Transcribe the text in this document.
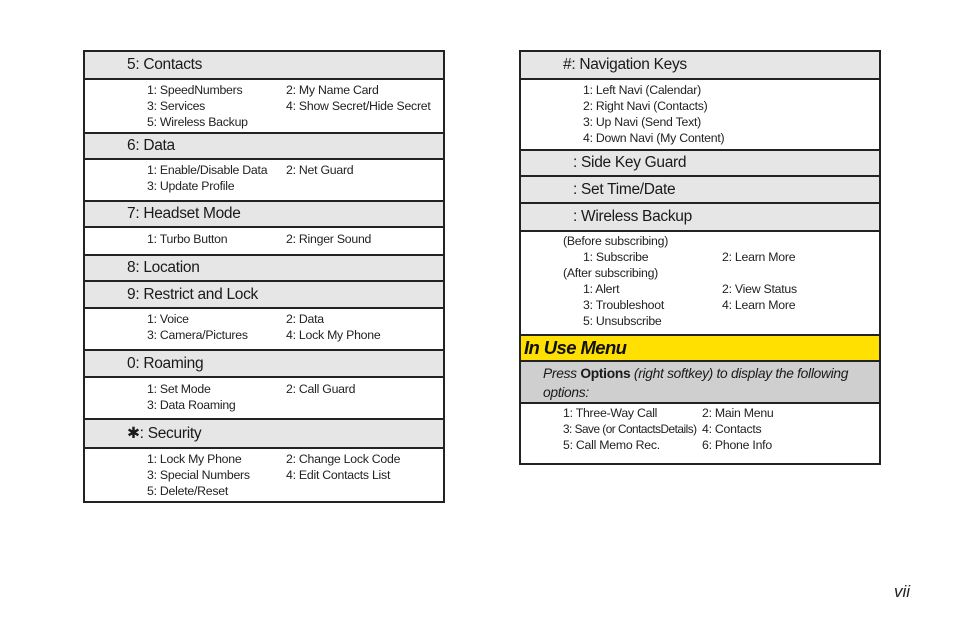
5: Contacts
1: SpeedNumbers	2: My Name Card
3: Services	4: Show Secret/Hide Secret
5: Wireless Backup
6: Data
1: Enable/Disable Data 2: Net Guard
3: Update Profile
7: Headset Mode
1: Turbo Button	2: Ringer Sound
8: Location
9: Restrict and Lock
1: Voice	2: Data
3: Camera/Pictures	4: Lock My Phone
0: Roaming
1: Set Mode	2: Call Guard
3: Data Roaming
✱: Security
1: Lock My Phone	2: Change Lock Code
3: Special Numbers	4: Edit Contacts List
5: Delete/Reset
#: Navigation Keys
1: Left Navi (Calendar)
2: Right Navi (Contacts)
3: Up Navi (Send Text)
4: Down Navi (My Content)
: Side Key Guard
: Set Time/Date
: Wireless Backup
(Before subscribing)
1: Subscribe	2: Learn More
(After subscribing)
1: Alert	2: View Status
3: Troubleshoot	4: Learn More
5: Unsubscribe
In Use Menu
Press Options (right softkey) to display the following options:
1: Three-Way Call	2: Main Menu
3: Save (or ContactsDetails) 4: Contacts
5: Call Memo Rec.	6: Phone Info
vii
